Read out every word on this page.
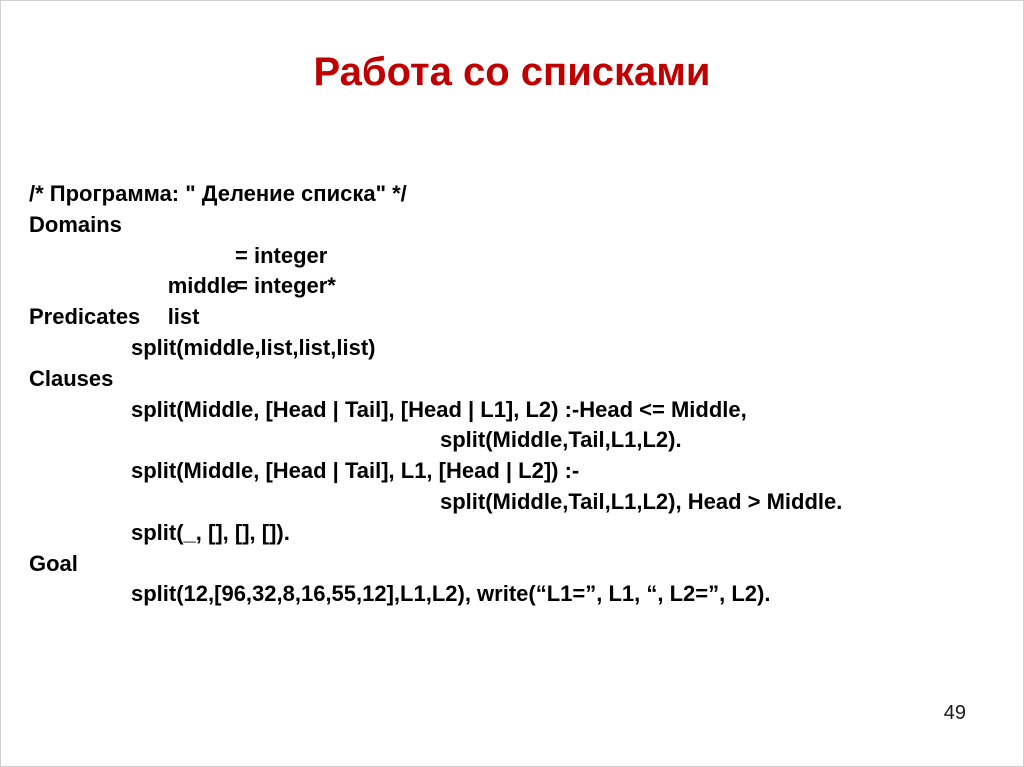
Работа со списками
/* Программа: " Деление списка" */
Domains

middle
= integer

list
= integer*

Predicates
split(middle,list,list,list)
Clauses
split(Middle, [Head | Tail], [Head | L1], L2) :-Head <= Middle,
split(Middle,Tail,L1,L2).
split(Middle, [Head | Tail], L1, [Head | L2]) :-
split(Middle,Tail,L1,L2), Head > Middle.
split(_, [], [], []).
Goal
split(12,[96,32,8,16,55,12],L1,L2), write(“L1=”, L1, “, L2=”, L2).
49
